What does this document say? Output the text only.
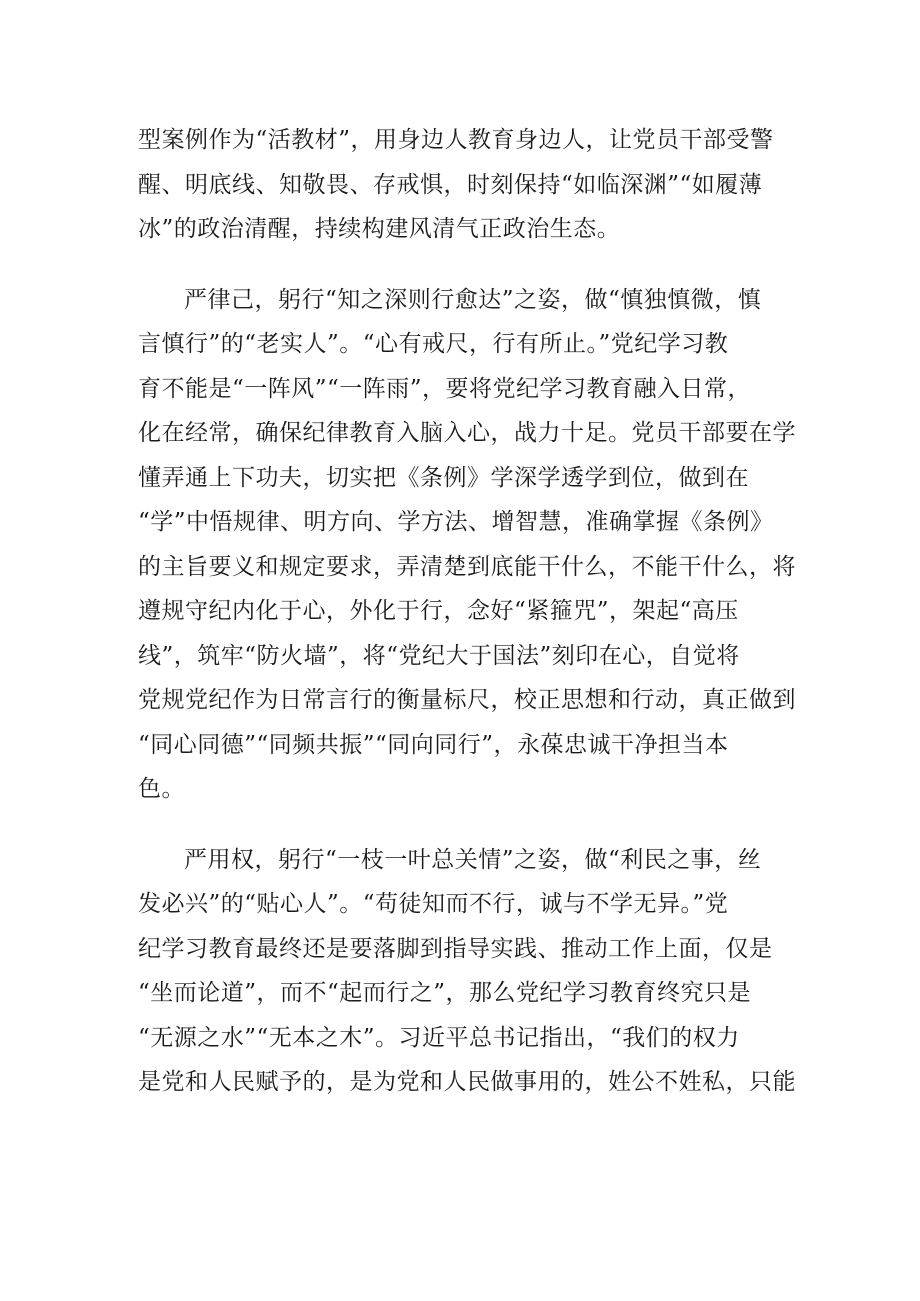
型案例作为“活教材”，用身边人教育身边人，让党员干部受警
醒、明底线、知敬畏、存戒惧，时刻保持“如临深渊”“如履薄
冰”的政治清醒，持续构建风清气正政治生态。
严律己，躬行“知之深则行愈达”之姿，做“慎独慎微，慎
言慎行”的“老实人”。“心有戒尺，行有所止。”党纪学习教
育不能是“一阵风”“一阵雨”，要将党纪学习教育融入日常，
化在经常，确保纪律教育入脑入心，战力十足。党员干部要在学
懂弄通上下功夫，切实把《条例》学深学透学到位，做到在
“学”中悟规律、明方向、学方法、增智慧，准确掌握《条例》
的主旨要义和规定要求，弄清楚到底能干什么，不能干什么，将
遵规守纪内化于心，外化于行，念好“紧箍咒”，架起“高压
线”，筑牢“防火墙”，将“党纪大于国法”刻印在心，自觉将
党规党纪作为日常言行的衡量标尺，校正思想和行动，真正做到
“同心同德”“同频共振”“同向同行”，永葆忠诚干净担当本
色。
严用权，躬行“一枝一叶总关情”之姿，做“利民之事，丝
发必兴”的“贴心人”。“苟徒知而不行，诚与不学无异。”党
纪学习教育最终还是要落脚到指导实践、推动工作上面，仅是
“坐而论道”，而不“起而行之”，那么党纪学习教育终究只是
“无源之水”“无本之木”。习近平总书记指出，“我们的权力
是党和人民赋予的，是为党和人民做事用的，姓公不姓私，只能
